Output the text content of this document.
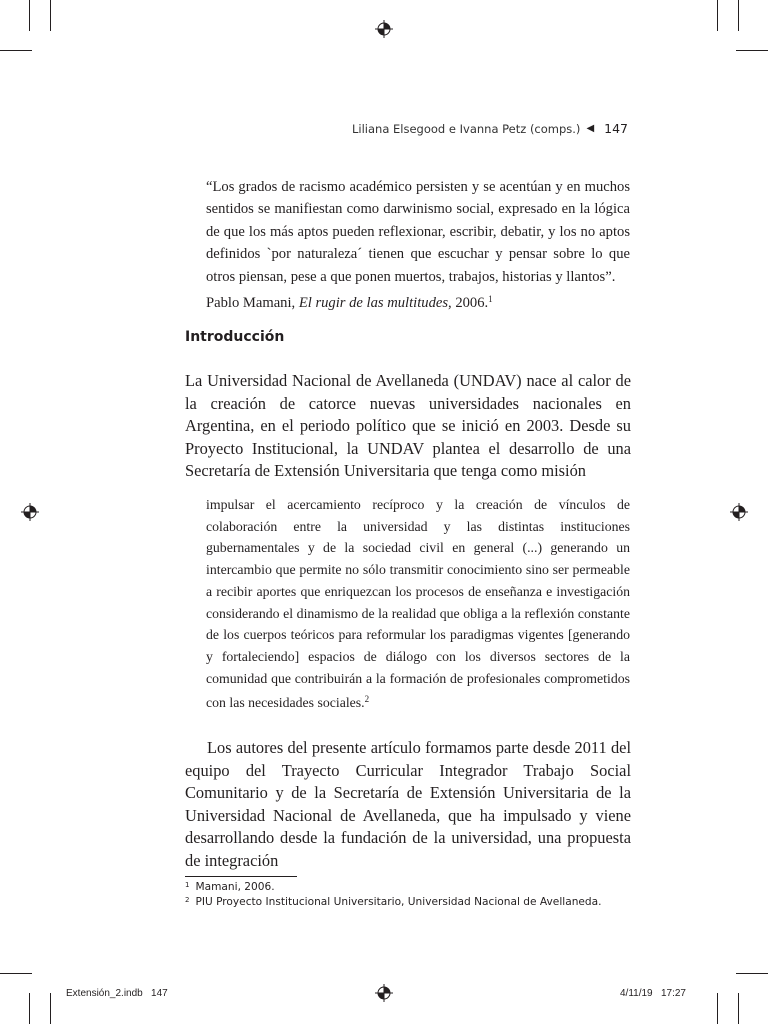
Liliana Elsegood e Ivanna Petz (comps.) ◀ 147

“Los grados de racismo académico persisten y se acentúan y en muchos sentidos se manifiestan como darwinismo social, expresado en la lógica de que los más aptos pueden reflexionar, escribir, debatir, y los no aptos definidos `por naturaleza´ tienen que escuchar y pensar sobre lo que otros piensan, pese a que ponen muertos, trabajos, historias y llantos”.
Pablo Mamani, El rugir de las multitudes, 2006.$^1$

Introducción

La Universidad Nacional de Avellaneda (UNDAV) nace al calor de la creación de catorce nuevas universidades nacionales en Argentina, en el periodo político que se inició en 2003. Desde su Proyecto Institucional, la UNDAV plantea el desarrollo de una Secretaría de Extensión Universitaria que tenga como misión

impulsar el acercamiento recíproco y la creación de vínculos de colaboración entre la universidad y las distintas instituciones gubernamentales y de la sociedad civil en general (...) generando un intercambio que permite no sólo transmitir conocimiento sino ser permeable a recibir aportes que enriquezcan los procesos de enseñanza e investigación considerando el dinamismo de la realidad que obliga a la reflexión constante de los cuerpos teóricos para reformular los paradigmas vigentes [generando y fortaleciendo] espacios de diálogo con los diversos sectores de la comunidad que contribuirán a la formación de profesionales comprometidos con las necesidades sociales.$^2$

Los autores del presente artículo formamos parte desde 2011 del equipo del Trayecto Curricular Integrador Trabajo Social Comunitario y de la Secretaría de Extensión Universitaria de la Universidad Nacional de Avellaneda, que ha impulsado y viene desarrollando desde la fundación de la universidad, una propuesta de integración

$^1$ Mamani, 2006.
$^2$ PIU Proyecto Institucional Universitario, Universidad Nacional de Avellaneda.
Extensión_2.indb   147	4/11/19   17:27
